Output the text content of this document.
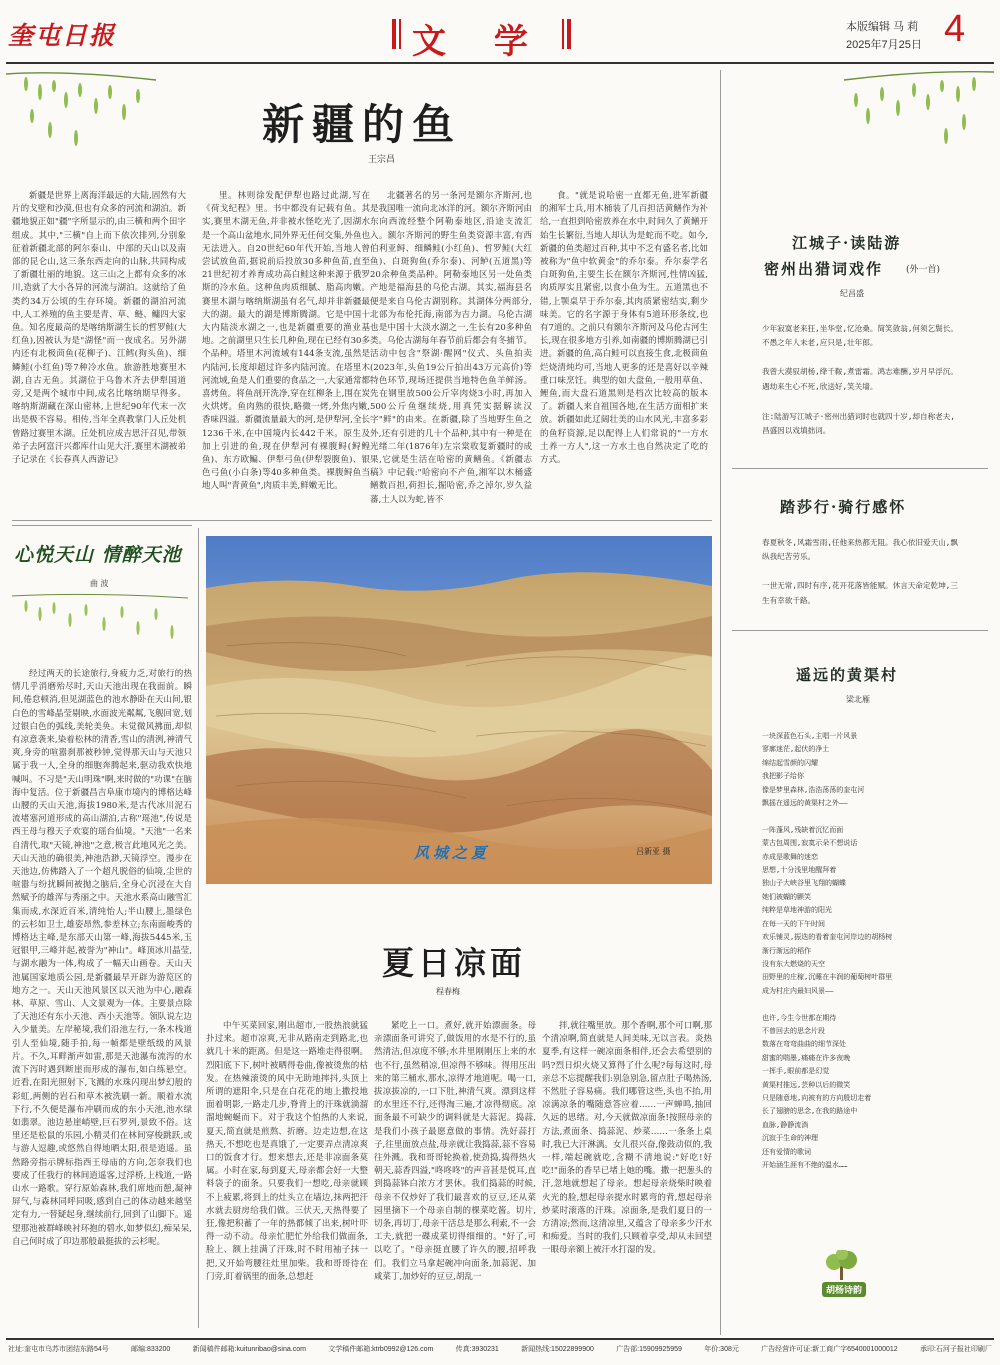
奎屯日报	文 学	本版编辑 马 莉
2025年7月25日 4
新疆的鱼
王宗昌

新疆是世界上离海洋最远的大陆,固然有大片的戈壁和沙漠,但也有众多的河流和湖泊。新疆地貌正如"疆"字所显示的,由三横和两个田字组成。其中,"三横"自上而下依次排列,分别象征着新疆北部的阿尔泰山、中部的天山以及南部的昆仑山,这三条东西走向的山脉,共同构成了新疆壮丽的地貌。这三山之上都有众多的冰川,造就了大小各异的河流与湖泊。这就给了鱼类约34万公顷的生存环境。新疆的湖泊河流中,人工养殖的鱼主要是青、草、鲢、鳙四大家鱼。知名度最高的是喀纳斯湖生长的哲罗鲑(大红鱼),因被认为是"湖怪"而一夜成名。另外湖内还有北极茴鱼(花柳子)、江鳕(狗头鱼)、细鳞鲑(小红鱼)等7种冷水鱼。旅游胜地赛里木湖,自古无鱼。其湖位于乌鲁木齐去伊犁国道旁,又是两个城市中间,成名比喀纳斯早得多。喀纳斯湖藏在深山密林,上世纪90年代末一次出是极不容易。相传,当年全真教掌门人丘处机曾路过赛里木湖。丘处机应成吉思汗召见,带领弟子去阿富汗兴都库什山见大汗,赛里木湖被弟子记录在《长春真人西游记》

里。林则徐发配伊犁也路过此湖,写在《荷戈纪程》里。书中都没有记载有鱼。其实,赛里木湖无鱼,并非被水怪吃光了,因湖水是一个高山盆地水,同外界无任何交集,外鱼也无法进入。自20世纪60年代开始,当地人曾尝试放鱼苗,据说前后投放30多种鱼苗,直至21世纪初才养育成功高白鲑这种来源于俄罗斯的冷水鱼。这种鱼肉质细腻、脂高肉嫩。赛里木湖与喀纳斯湖虽有名气,却并非新疆最大的湖。最大的湖是博斯腾湖。它是中国十大内陆淡水湖之一,也是新疆重要的渔业基地。之前湖里只生长几种鱼,现在已经有30多个品种。塔里木河流域有144条支流,虽然是内陆河,长度却超过许多内陆河流。在塔里木河流域,鱼是人们重要的食品之一,大家通常都喜烤鱼。将鱼剖开洗净,穿在红柳条上,围在炭火烘烤。鱼肉熟的很快,略微一烤,外焦内嫩,香味四溢。新疆流量最大的河,是伊犁河,全长1236千米,在中国境内长442千米。原生及加上引进的鱼,现在伊犁河有裸腹鲟(鲟鳇鱼)、东方欧鳊、伊犁弓鱼(伊犁裂腹鱼)、银色弓鱼(小白条)等40多种鱼类。裸腹鲟鱼当地人叫"青黄鱼",肉质丰美,鲜嫩无比。

北疆著名的另一条河是额尔齐斯河,也是我国唯一流向北冰洋的河。额尔齐斯河由东向西流经整个阿勒泰地区,沿途支流汇入。额尔齐斯河的野生鱼类资源丰富,有西伯利亚鲟、细鳞鲑(小红鱼)、哲罗鲑(大红鱼)、白斑狗鱼(乔尔泰)、河鲈(五道黑)等20余种鱼类品种。阿勒泰地区另一处鱼类产地是福海县的乌伦古湖。其实,福海县名便是来自乌伦古湖别称。其湖体分两部分,北部为布伦托海,南部为吉力湖。乌伦古湖也是中国十大淡水湖之一,生长有20多种鱼类。乌伦古湖每年春节前后都会有冬捕节。活动中包含"祭湖·醒网"仪式、头鱼拍卖(2023年,头鱼19公斤拍出43万元高价)等特色环节,现场还提供当地特色鱼羊鲜汤。先在钢里放500公斤宰肉烧3小时,再加入500公斤鱼继续烧,用真凭实据解读汉字"鲜"的由来。在新疆,除了当地野生鱼之外,还有引进的几十个品种,其中有一种是在光绪二年(1876年)左宗棠收复新疆时的成果,它就是生活在哈密的黄鳝鱼。《新疆志稿》中记载:"哈密向不产鱼,湘军以木桶盛鳝数百担,荷担长,掘哈密,乔之淖尔,岁久益蕃,土人以为蛇,皆不

食。"就是说哈密一直都无鱼,进军新疆的湘军士兵,用木桶装了几百担活黄鳝作为补给,一直担到哈密放养在水中,时间久了黄鳝开始生长繁衍,当地人却认为是蛇而不吃。如今,新疆的鱼类超过百种,其中不乏有盛名者,比如被称为"鱼中软黄金"的乔尔泰。乔尔泰学名白斑狗鱼,主要生长在额尔齐斯河,性情凶猛,肉质厚实且紧密,以食小鱼为生。五道黑也不错,上颚桌早于乔尔泰,其肉质紧密结实,剩少味美。它的名字源于身体有5道环形条纹,也有7道的。之前只有额尔齐斯河及乌伦古河生长,现在很多地方引养,如南疆的博斯腾湖已引进。新疆的鱼,高白鲑可以直接生食,北极茴鱼烂烧清炖均可,当地人更多的还是喜好以辛辣重口味烹饪。典型的如大盘鱼,一般用草鱼、鲤鱼,而大盘石道黑则是档次比较高的版本了。新疆人来自祖国各地,在生活方面相扩来放。新疆如此辽阔壮美的山水风光,丰富多彩的鱼籽资源,足以配得上人们常说的"一方水土养一方人",这一方水土也自然决定了吃的方式。

风城之夏	吕新亚 摄
心悦天山 情醉天池
曲 波

经过两天的长途旅行,身疲力乏,对旅行的热情几乎消磨殆尽时,天山天池出现在我面前。瞬间,倦怠顿消,但见湖蓝色的池水静卧在天山间,银白色的雪峰晶莹剔映,水面波光粼粼,飞舰回宽,划过银白色的弧线,美轮美奂。未觉微风拂面,却似有凉意袭来,染着松林的清香,雪山的清洌,神清气爽,身旁的喧嚣刹那被秒钟,觉得那天山与天池只属于我一人,全身的细胞奔腾起来,驱动我欢快地喊叫。不习是"天山明珠"啊,来时做的"功课"在脑海中复活。位于新疆昌吉阜康市境内的博格达峰山腰的天山天池,海拔1980米,是古代冰川泥石流堵塞河道形成的高山湖泊,古称"瑶池",传说是西王母与穆天子欢宴的瑶台仙境。"天池"一名来自清代,取"天镜,神池"之意,极言此地风光之美。天山天池的确很美,神池浩渺,天镜浮空。漫步在天池边,仿佛踏入了一个超凡脱俗的仙境,尘世的喧嚣与纷扰瞬间被抛之脑后,全身心沉浸在大自然赋予的雄浑与秀丽之中。天池水系高山融雪汇集而成,水深近百米,清纯怡人;半山腰上,墨绿色的云杉如卫士,雄姿昂然,参差林立;东南面峻秀的博格达主峰,是东部天山第一峰,海拔5445米,玉冠银甲,三峰并起,被誉为"神山"。峰顶冰川晶莹,与湖水融为一体,构成了一幅天山画卷。天山天池属国家地质公园,是新疆最早开辟为游览区的地方之一。天山天池风景区以天池为中心,融森林、草原、雪山、人文景观为一体。主要景点除了天池还有东小天池、西小天池等。领队说左边入少量美。左岸秘境,我们沿池左行,一条木栈道引人至仙境,随手拍,每一帧都是壁纸级的风景片。不久,耳畔渐声如雷,那是天池瀑布流泻的水流下泻时遇到断崖而形成的瀑布,如白练悬空。近看,在阳光照射下,飞溅的水珠闪现出梦幻般的彩虹,两侧的岩石和草木被洗刷一新。顺着水流下行,不久便是瀑布冲刷而成的东小天池,池水绿如翡翠。池边悬崖峭壁,巨石罗列,景致不俗。这里还是松鼠的乐园,小精灵们在林间穿梭跳跃,或与游人逗趣,或悠然自得地晒太阳,很是逍遥。虽然路旁指示牌标指西王母庙的方向,怎奈我们也要成了任我行的林间逍遥客,过浮桥,上栈道,一路山水一路歌。穿行原始森林,我们席地而憩,凝神屏气,与森林同呼同吸,感到自己的体动越来越坚定有力,一替疑起身,继续前行,回到了山脚下。遥望那池被群峰映衬环抱的碧水,如梦似幻,痴呆呆,自己何时成了印边那般最挺拔的云杉呢。

夏日凉面
程春梅

中午买菜回家,刚出超市,一股热浪就猛扑过来。超市凉爽,无非从路南走到路北,也就几十米的距离。但是这一路堆走得很啊。烈阳底下下,树叶被晒得卷曲,像被烫焦的枯发。在热辣滚烫的风中无助地摔抖,头顶上所谓的遮阳伞,只是在白花花的地上撒投地面着明影,一路走几步,脊背上的汗珠就淌溜溜地蜿蜒而下。对于我这个怕热的人来说,夏天,简直就是煎熬、折磨。边走边想,在这热天,不想吃也是真饿了,一定要弄点清凉爽口的饭食才行。想来想去,还是非凉面条莫属。小时在家,每到夏天,母亲都会好一大整料袋子的面条。只要我们一想吃,母亲就顾不上疲累,将到上的灶头立在墙边,抹两把汗水就去厨房给我们做。三伏天,天热得要了狂,像把积蓄了一年的热都倾了出来,树叶吓得一动不动。母亲忙肥忙外给我们做面条,脸上、额上挂满了汗珠,时不时用袖子抹一把,又开始弯腰往灶里加柴。我和哥哥待在门旁,盯着锅里的面条,总想赶

紧吃上一口。煮好,就开始漂面条。母亲漂面条可讲究了,做饭用的水是不行的,虽然清洁,但凉度不够;水井里刚刚压上来的水也不行,虽然稍凉,但凉得不够味。得用压出来的第三桶水,那水,凉得才地道呢。喝一口,拔凉拔凉的,一口下肚,神清气爽。漂到这样的水里还不行,还得淘三遍,才凉得彻底。凉面条最不可缺少的调料就是大蒜泥。捣蒜,是我们小孩子最愿意做的事情。洗好蒜打子,往里面放点盐,母亲就让我捣蒜,蒜不容易往外溅。我和哥哥轮换着,使劲捣,捣得热火朝天,蒜香四溢,"咚咚咚"的声音甚是悦耳,直到捣蒜钵白浓方才罢休。我们捣蒜的时候,母亲不仅炒好了我们最喜欢的豆豆,还从菜园里摘下一个母亲自制的棵菜吃酱。切片,切条,再切丁,母亲干活总是那么利索,不一会工夫,就把一碟成菜切得细细的。"好了,可以吃了。"母亲挺直腰了许久的腰,招呼我们。我们立马拿起碗冲向面条,加蒜泥、加咸菜丁,加炒好的豆豆,胡乱一

拌,就往嘴里放。那个香啊,那个可口啊,那个清凉啊,简直就是人间美味,无以言表。炎热夏季,有这样一碗凉面条相伴,还会去希望别的吗?烈日炽火烧又算得了什么呢?每每这时,母亲总不忘提醒我们:别急别急,留点肚子喝热汤,不然肚子容易痛。我们哪管这些,头也不抬,用凉满凉条的嘴随意答应着……一声蝉鸣,抽回久远的思绪。对,今天就做凉面条!按照母亲的方法,煮面条、捣蒜泥、炒菜……一条条上桌时,我已大汗淋漓。女儿很兴奋,像鼓动似的,我一样,端起碗就吃,含糊不清地说:"好吃!好吃!"面条的香早已堵上她的嘴。撒一把葱头的汗,忽地就想起了母亲。想起母亲烧柴时映着火光的脸,想起母亲提水时累弯的背,想起母亲炒菜时滚落的汗珠。凉面条,是我们夏日的一方清凉;然而,这清凉里,又蕴含了母亲多少汗水和痴爱。当时的我们,只顾着享受,却从未回望一眼母亲额上被汗水打湿的发。

江城子·读陆游
密州出猎词戏作	(外一首)
纪昌盛
少年寂寞老来狂,坐华堂,忆沧桑。简笑敛翁,何须乞鬓长。不愚之年人未老,应只是,壮年郎。

我曾大漠驭胡杨,绛千鞍,煮雷霜。鸿志难酬,岁月早浮沉。遇劫来生心不死,欣送好,笑关墙。
注:陆游写江城子·密州出猎词时也就四十岁,却自称老夫,昌盛因以戏填拙词。
踏莎行·骑行感怀
春夏秋冬,风霜雪雨,任他来热都无阻。我心依旧爱天山,飘纵我纪苦劳乐。

一世无常,四时有序,花开花落皆能赋。休言天命定乾坤,三生有幸欲千路。
遥远的黄渠村
梁北雁
一块深蓝色石头,主唱一片风景
寥廓迷茫,起伏的净土
绵结起雪颜的闪耀
我把影子给你
像是梦里森林,浩浩荡荡的奎屯河
飘摇在遥远的黄渠村之外——

一阵蓬风,残缺着沉忆而面
蒙古包周围,寂寞示朵不想说话
赤成是歌舞的迷恋
思想,十分浅里地醒拜着
独山子大峡谷里飞翔的蝴蝶
她们被蝴的颤笑
纯粹是草地神游的阳光
在每一天的下午时间
欢乐铺灵,振迭的看着奎屯河岸边的胡杨树
渐行渐远的稻作
没有东大燃烧的天空
田野里的庄稼,沉睡在丰润的葡萄树叶群里
成为村庄内最妇风景——

也许,今生今世都在期待
不曾回去的思念片段
数落在弯弯曲曲的细节深处
甜蜜的喘墨,痛痛在许多夜晚
一挥手,眼前都是幻觉
黄渠村推远,芸种以后的微笑
只是随意地,向被有的方向殷切走着
长了翅膀的思念,在我的路途中
血脉,静静流淌
沉寂于生命的神理
还有爱情的歌词
开始涵生涯有不绝的温水……
胡杨诗韵
社址:奎屯市乌苏市团结东路54号	邮编:833200	新闻稿件邮箱:kuitunribao@sina.com	文学稿件邮箱:ktrb0992@126.com	传真:3930231	新闻热线:15022899900	广告部:15909925959	年价:308元	广告经营许可证:新工商广字6540001000012	承印:石河子报社印刷厂
